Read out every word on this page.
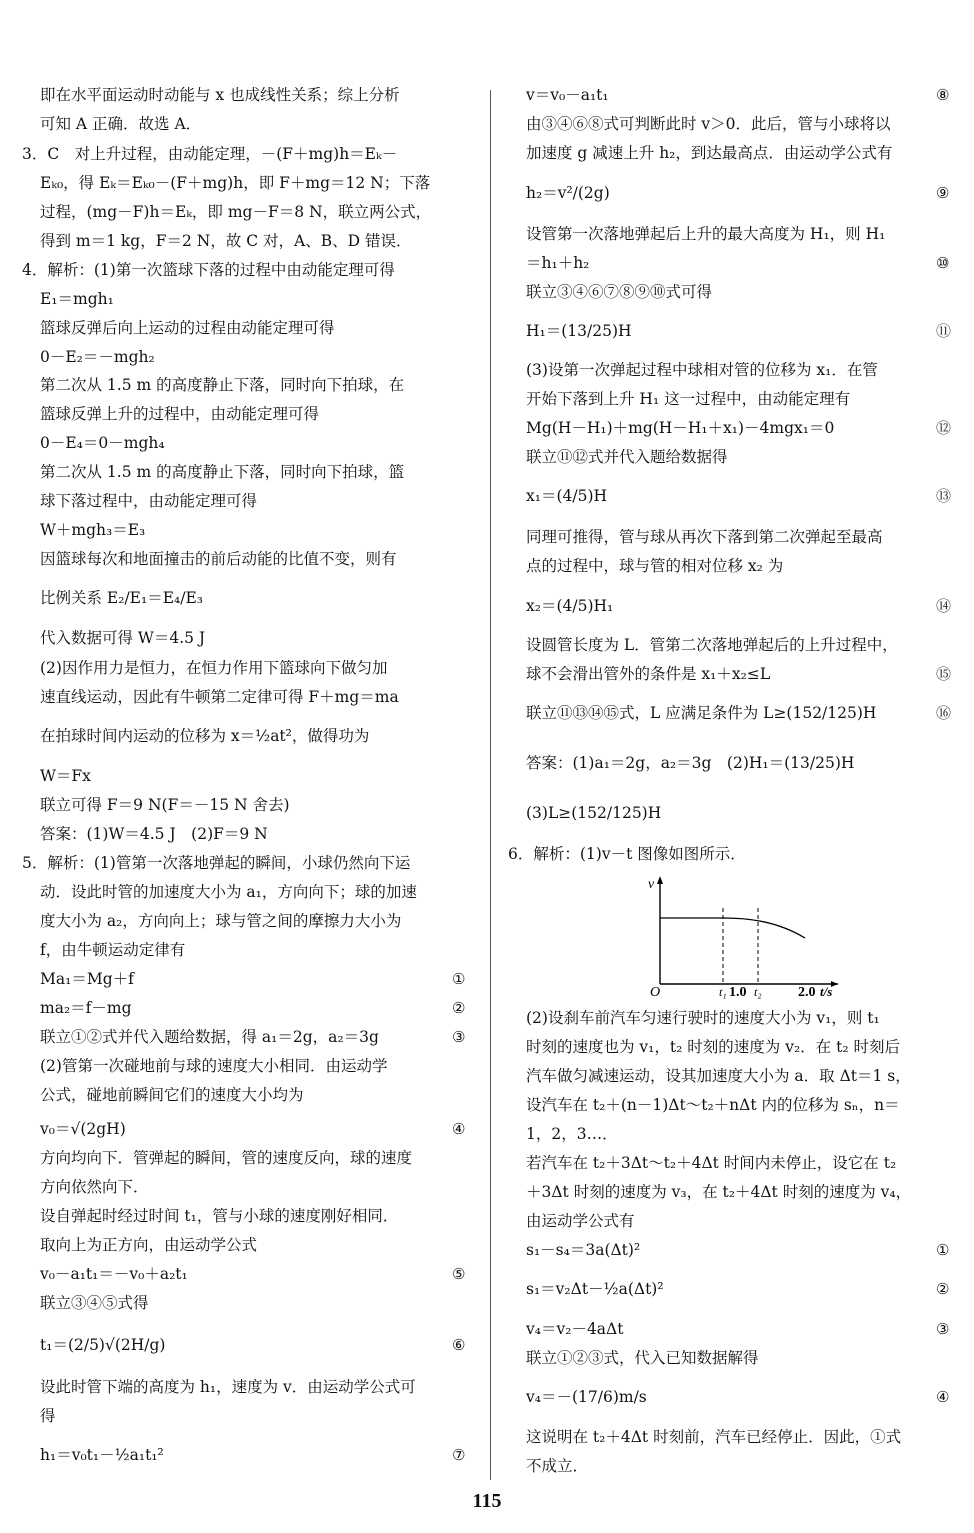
即在水平面运动时动能与 x 也成线性关系；综上分析
可知 A 正确．故选 A．
3．C　对上升过程，由动能定理，－(F＋mg)h＝Eₖ－
Eₖ₀，得 Eₖ＝Eₖ₀－(F＋mg)h，即 F＋mg＝12 N；下落
过程，(mg－F)h＝Eₖ，即 mg－F＝8 N，联立两公式，
得到 m＝1 kg，F＝2 N，故 C 对，A、B、D 错误．
4．解析：(1)第一次篮球下落的过程中由动能定理可得
E₁＝mgh₁
篮球反弹后向上运动的过程由动能定理可得
0－E₂＝－mgh₂
第二次从 1.5 m 的高度静止下落，同时向下拍球，在
篮球反弹上升的过程中，由动能定理可得
0－E₄＝0－mgh₄
第二次从 1.5 m 的高度静止下落，同时向下拍球，篮
球下落过程中，由动能定理可得
W＋mgh₃＝E₃
因篮球每次和地面撞击的前后动能的比值不变，则有
比例关系 E₂/E₁＝E₄/E₃
代入数据可得 W＝4.5 J
(2)因作用力是恒力，在恒力作用下篮球向下做匀加
速直线运动，因此有牛顿第二定律可得 F＋mg＝ma
在拍球时间内运动的位移为 x＝½at²，做得功为
W＝Fx
联立可得 F＝9 N(F＝－15 N 舍去)
答案：(1)W＝4.5 J　(2)F＝9 N
5．解析：(1)管第一次落地弹起的瞬间，小球仍然向下运
动．设此时管的加速度大小为 a₁，方向向下；球的加速
度大小为 a₂，方向向上；球与管之间的摩擦力大小为
f，由牛顿运动定律有
Ma₁＝Mg＋f
ma₂＝f－mg
联立①②式并代入题给数据，得 a₁＝2g，a₂＝3g
(2)管第一次碰地前与球的速度大小相同．由运动学
公式，碰地前瞬间它们的速度大小均为
v₀＝√(2gH)
方向均向下．管弹起的瞬间，管的速度反向，球的速度
方向依然向下．
设自弹起时经过时间 t₁，管与小球的速度刚好相同．
取向上为正方向，由运动学公式
v₀－a₁t₁＝－v₀＋a₂t₁
联立③④⑤式得
t₁＝(2/5)√(2H/g)
设此时管下端的高度为 h₁，速度为 v．由运动学公式可
得
h₁＝v₀t₁－½a₁t₁²
①
②
③
④
⑤
⑥
⑦
v＝v₀－a₁t₁
由③④⑥⑧式可判断此时 v＞0．此后，管与小球将以
加速度 g 减速上升 h₂，到达最高点．由运动学公式有
h₂＝v²/(2g)
设管第一次落地弹起后上升的最大高度为 H₁，则 H₁
＝h₁＋h₂
联立③④⑥⑦⑧⑨⑩式可得
H₁＝(13/25)H
(3)设第一次弹起过程中球相对管的位移为 x₁．在管
开始下落到上升 H₁ 这一过程中，由动能定理有
Mg(H－H₁)＋mg(H－H₁＋x₁)－4mgx₁＝0
联立⑪⑫式并代入题给数据得
x₁＝(4/5)H
同理可推得，管与球从再次下落到第二次弹起至最高
点的过程中，球与管的相对位移 x₂ 为
x₂＝(4/5)H₁
设圆管长度为 L．管第二次落地弹起后的上升过程中，
球不会滑出管外的条件是 x₁＋x₂≤L
联立⑪⑬⑭⑮式，L 应满足条件为 L≥(152/125)H
答案：(1)a₁＝2g，a₂＝3g　(2)H₁＝(13/25)H
(3)L≥(152/125)H
6．解析：(1)v－t 图像如图所示．
(2)设刹车前汽车匀速行驶时的速度大小为 v₁，则 t₁
时刻的速度也为 v₁，t₂ 时刻的速度为 v₂．在 t₂ 时刻后
汽车做匀减速运动，设其加速度大小为 a．取 Δt＝1 s，
设汽车在 t₂＋(n－1)Δt～t₂＋nΔt 内的位移为 sₙ，n＝
1，2，3…．
若汽车在 t₂＋3Δt～t₂＋4Δt 时间内未停止，设它在 t₂
＋3Δt 时刻的速度为 v₃，在 t₂＋4Δt 时刻的速度为 v₄，
由运动学公式有
s₁－s₄＝3a(Δt)²
s₁＝v₂Δt－½a(Δt)²
v₄＝v₂－4aΔt
联立①②③式，代入已知数据解得
v₄＝－(17/6)m/s
这说明在 t₂＋4Δt 时刻前，汽车已经停止．因此，①式
不成立．
⑧
⑨
⑩
⑪
⑫
⑬
⑭
⑮
⑯
①
②
③
④
v
O	t₁ 1.0 t₂	2.0 t/s
115
